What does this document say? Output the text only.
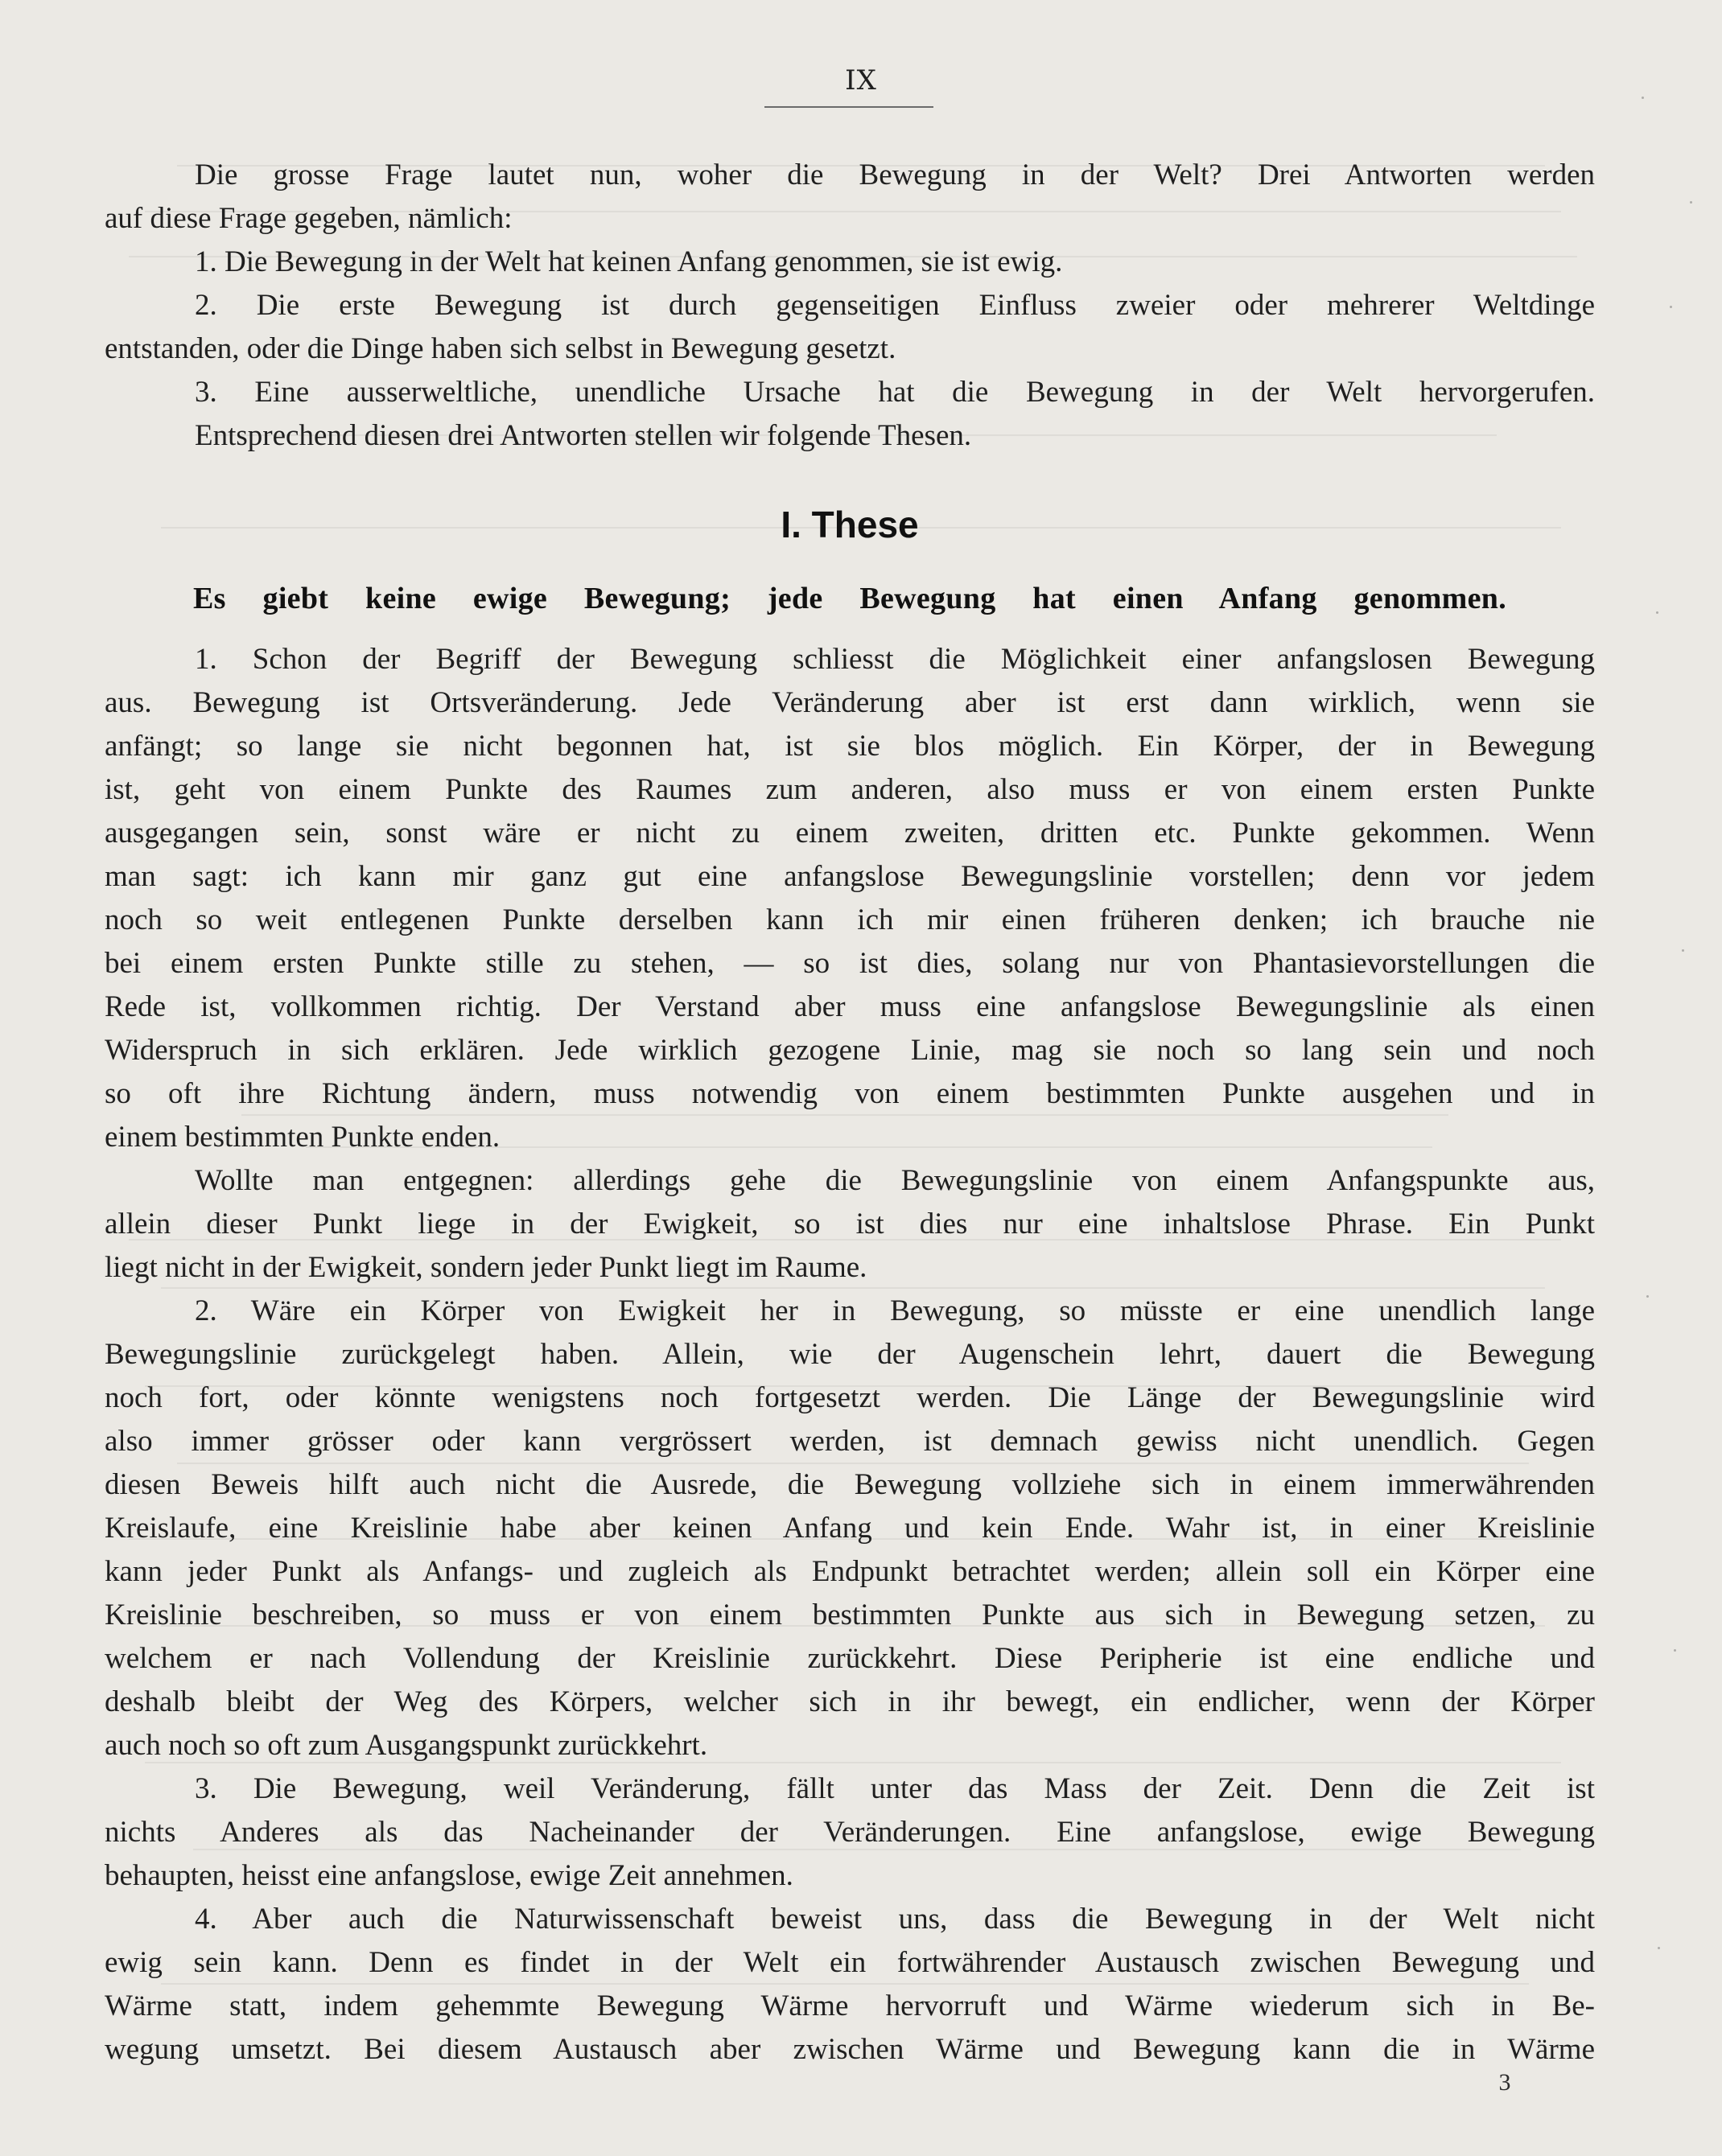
IX
Die grosse Frage lautet nun, woher die Bewegung in der Welt? Drei Antworten werden
auf diese Frage gegeben, nämlich:
1. Die Bewegung in der Welt hat keinen Anfang genommen, sie ist ewig.
2. Die erste Bewegung ist durch gegenseitigen Einfluss zweier oder mehrerer Weltdinge
entstanden, oder die Dinge haben sich selbst in Bewegung gesetzt.
3. Eine ausserweltliche, unendliche Ursache hat die Bewegung in der Welt hervorgerufen.
Entsprechend diesen drei Antworten stellen wir folgende Thesen.
I. These
Es giebt keine ewige Bewegung; jede Bewegung hat einen Anfang genommen.
1. Schon der Begriff der Bewegung schliesst die Möglichkeit einer anfangslosen Bewegung
aus. Bewegung ist Ortsveränderung. Jede Veränderung aber ist erst dann wirklich, wenn sie
anfängt; so lange sie nicht begonnen hat, ist sie blos möglich. Ein Körper, der in Bewegung
ist, geht von einem Punkte des Raumes zum anderen, also muss er von einem ersten Punkte
ausgegangen sein, sonst wäre er nicht zu einem zweiten, dritten etc. Punkte gekommen. Wenn
man sagt: ich kann mir ganz gut eine anfangslose Bewegungslinie vorstellen; denn vor jedem
noch so weit entlegenen Punkte derselben kann ich mir einen früheren denken; ich brauche nie
bei einem ersten Punkte stille zu stehen, — so ist dies, solang nur von Phantasievorstellungen die
Rede ist, vollkommen richtig. Der Verstand aber muss eine anfangslose Bewegungslinie als einen
Widerspruch in sich erklären. Jede wirklich gezogene Linie, mag sie noch so lang sein und noch
so oft ihre Richtung ändern, muss notwendig von einem bestimmten Punkte ausgehen und in
einem bestimmten Punkte enden.
Wollte man entgegnen: allerdings gehe die Bewegungslinie von einem Anfangspunkte aus,
allein dieser Punkt liege in der Ewigkeit, so ist dies nur eine inhaltslose Phrase. Ein Punkt
liegt nicht in der Ewigkeit, sondern jeder Punkt liegt im Raume.
2. Wäre ein Körper von Ewigkeit her in Bewegung, so müsste er eine unendlich lange
Bewegungslinie zurückgelegt haben. Allein, wie der Augenschein lehrt, dauert die Bewegung
noch fort, oder könnte wenigstens noch fortgesetzt werden. Die Länge der Bewegungslinie wird
also immer grösser oder kann vergrössert werden, ist demnach gewiss nicht unendlich. Gegen
diesen Beweis hilft auch nicht die Ausrede, die Bewegung vollziehe sich in einem immerwährenden
Kreislaufe, eine Kreislinie habe aber keinen Anfang und kein Ende. Wahr ist, in einer Kreislinie
kann jeder Punkt als Anfangs- und zugleich als Endpunkt betrachtet werden; allein soll ein Körper eine
Kreislinie beschreiben, so muss er von einem bestimmten Punkte aus sich in Bewegung setzen, zu
welchem er nach Vollendung der Kreislinie zurückkehrt. Diese Peripherie ist eine endliche und
deshalb bleibt der Weg des Körpers, welcher sich in ihr bewegt, ein endlicher, wenn der Körper
auch noch so oft zum Ausgangspunkt zurückkehrt.
3. Die Bewegung, weil Veränderung, fällt unter das Mass der Zeit. Denn die Zeit ist
nichts Anderes als das Nacheinander der Veränderungen. Eine anfangslose, ewige Bewegung
behaupten, heisst eine anfangslose, ewige Zeit annehmen.
4. Aber auch die Naturwissenschaft beweist uns, dass die Bewegung in der Welt nicht
ewig sein kann. Denn es findet in der Welt ein fortwährender Austausch zwischen Bewegung und
Wärme statt, indem gehemmte Bewegung Wärme hervorruft und Wärme wiederum sich in Be-
wegung umsetzt. Bei diesem Austausch aber zwischen Wärme und Bewegung kann die in Wärme
3
